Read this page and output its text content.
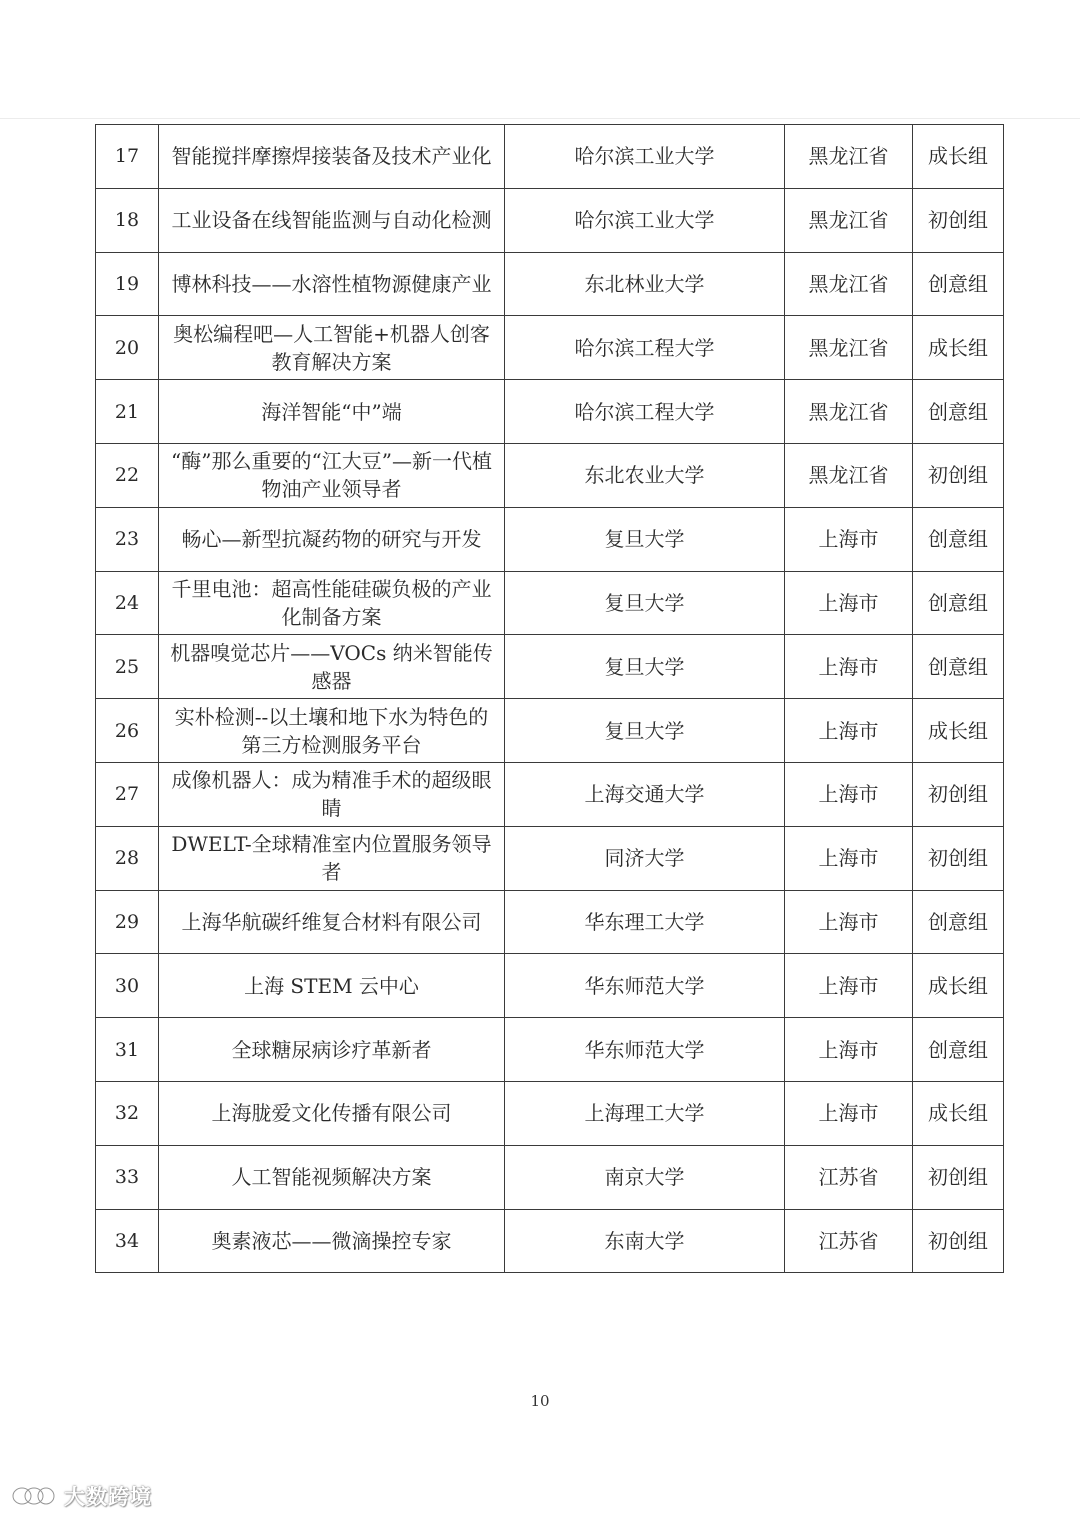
17	智能搅拌摩擦焊接装备及技术产业化	哈尔滨工业大学	黑龙江省	成长组
18	工业设备在线智能监测与自动化检测	哈尔滨工业大学	黑龙江省	初创组
19	博林科技——水溶性植物源健康产业	东北林业大学	黑龙江省	创意组
20	奥松编程吧—人工智能+机器人创客教育解决方案	哈尔滨工程大学	黑龙江省	成长组
21	海洋智能“中”端	哈尔滨工程大学	黑龙江省	创意组
22	“酶”那么重要的“江大豆”—新一代植物油产业领导者	东北农业大学	黑龙江省	初创组
23	畅心—新型抗凝药物的研究与开发	复旦大学	上海市	创意组
24	千里电池：超高性能硅碳负极的产业化制备方案	复旦大学	上海市	创意组
25	机器嗅觉芯片——VOCs 纳米智能传感器	复旦大学	上海市	创意组
26	实朴检测--以土壤和地下水为特色的第三方检测服务平台	复旦大学	上海市	成长组
27	成像机器人：成为精准手术的超级眼睛	上海交通大学	上海市	初创组
28	DWELT-全球精准室内位置服务领导者	同济大学	上海市	初创组
29	上海华航碳纤维复合材料有限公司	华东理工大学	上海市	创意组
30	上海 STEM 云中心	华东师范大学	上海市	成长组
31	全球糖尿病诊疗革新者	华东师范大学	上海市	创意组
32	上海胧爱文化传播有限公司	上海理工大学	上海市	成长组
33	人工智能视频解决方案	南京大学	江苏省	初创组
34	奥素液芯——微滴操控专家	东南大学	江苏省	初创组
10
大数跨境
